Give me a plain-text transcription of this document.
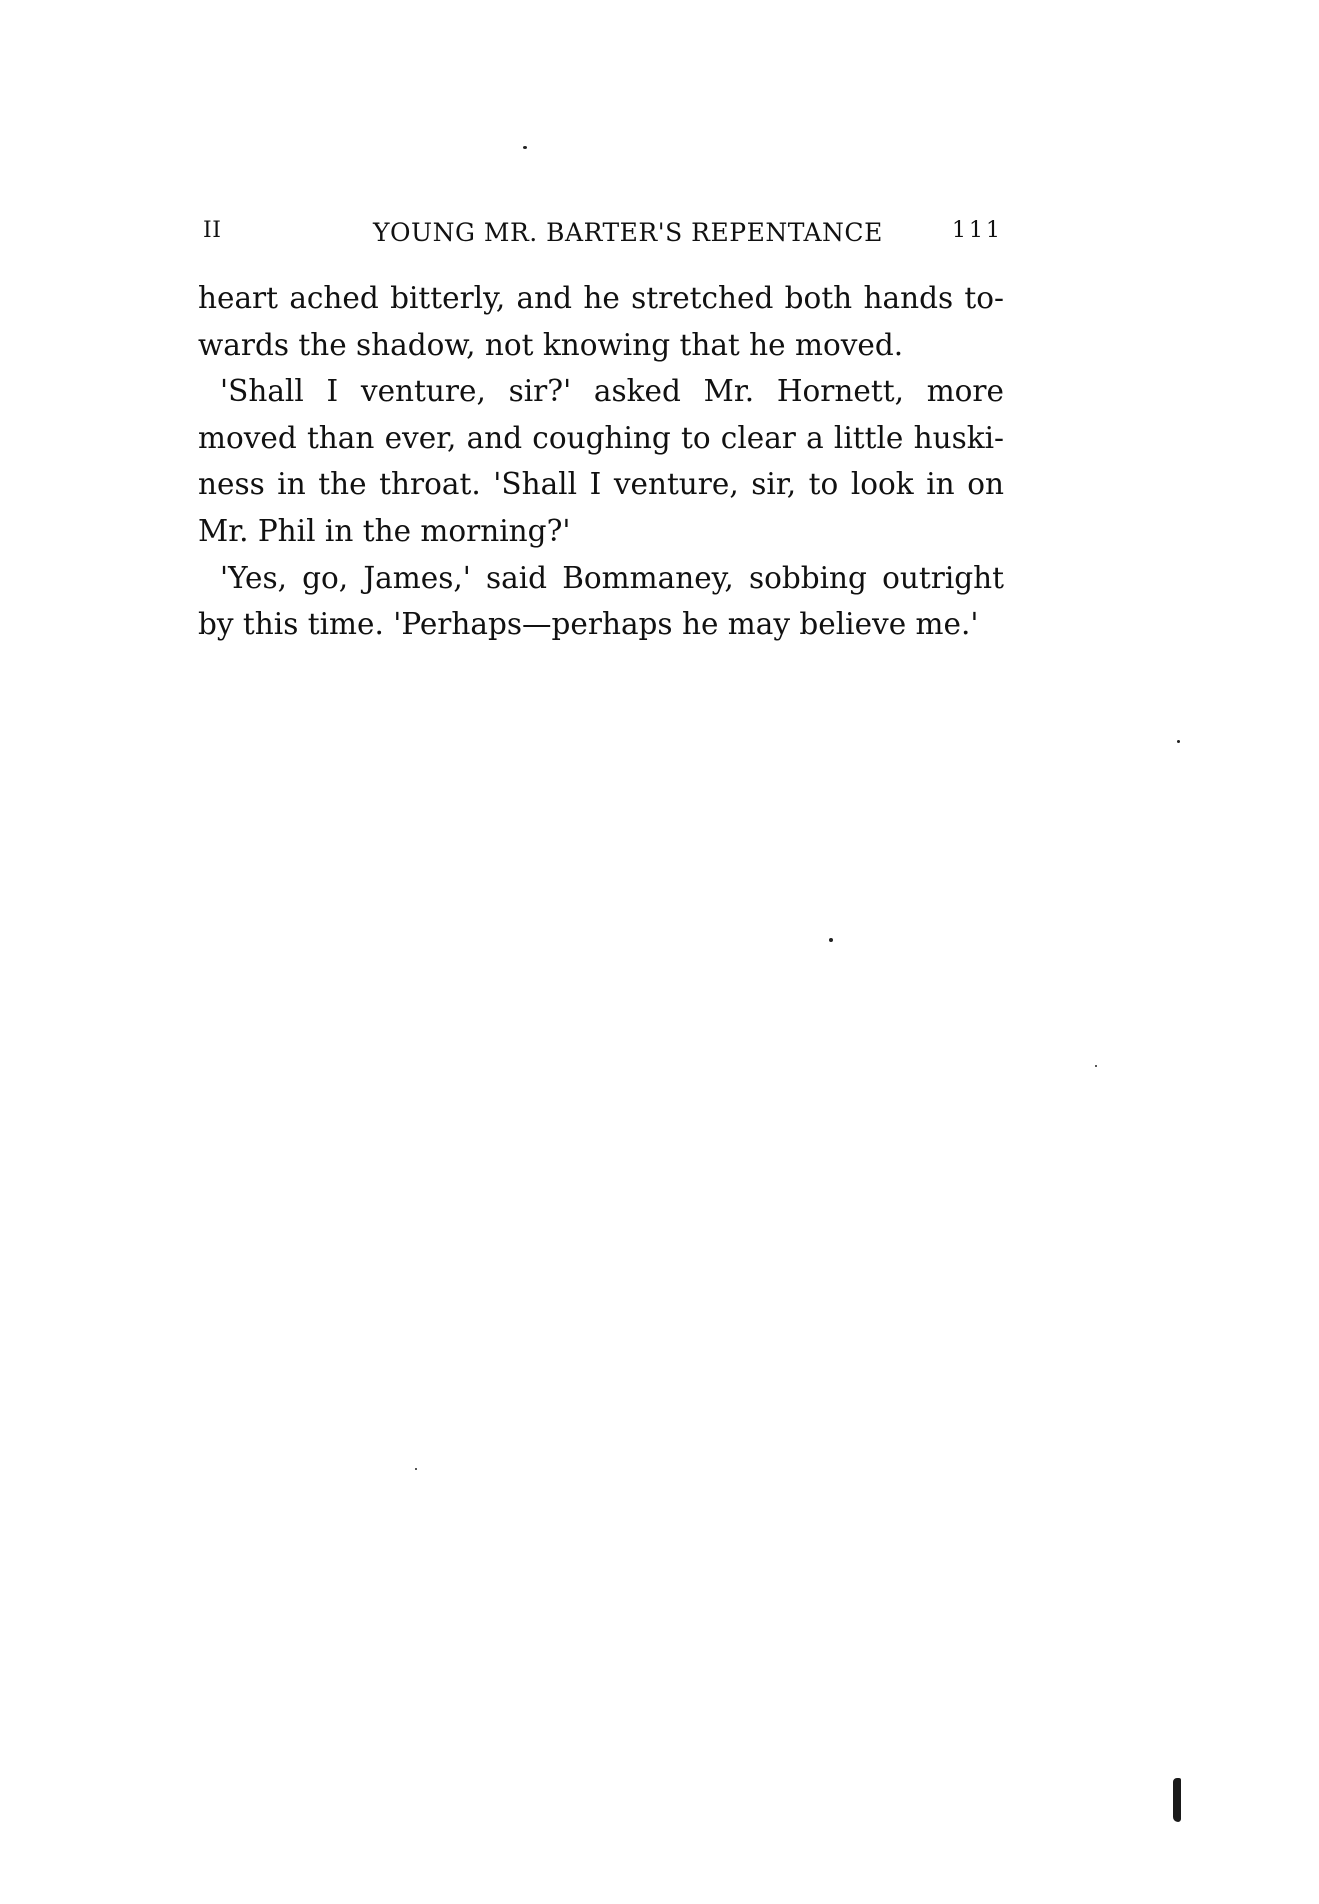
II	YOUNG MR. BARTER'S REPENTANCE	111
heart ached bitterly, and he stretched both hands to-
wards the shadow, not knowing that he moved.
'Shall I venture, sir?' asked Mr. Hornett, more
moved than ever, and coughing to clear a little huski-
ness in the throat. 'Shall I venture, sir, to look in on
Mr. Phil in the morning?'
'Yes, go, James,' said Bommaney, sobbing outright
by this time. 'Perhaps—perhaps he may believe me.'
